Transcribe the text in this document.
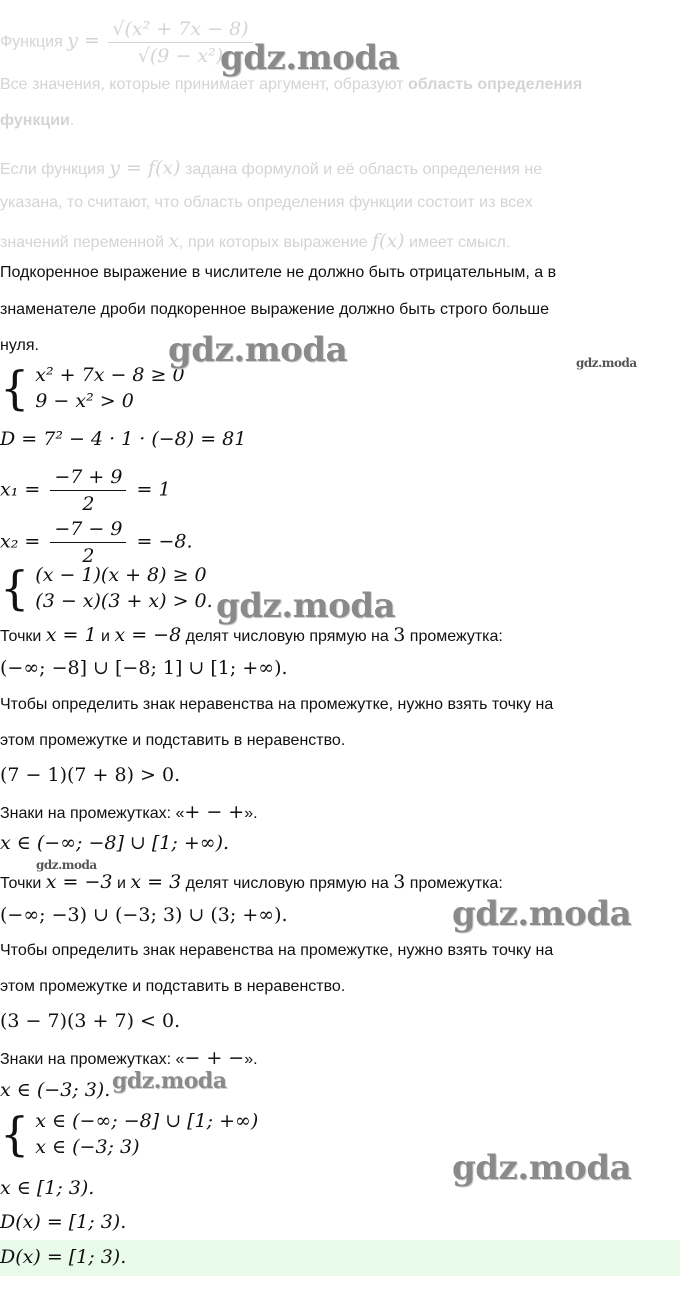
Функция $y = \frac{\text{√(x² + 7x − 8)}}{\text{√(9 − x²)}}$
Все значения, которые принимает аргумент, образуют область определения
функции.
Если функция y = f(x) задана формулой и её область определения не
указана, то считают, что область определения функции состоит из всех
значений переменной x, при которых выражение f(x) имеет смысл.
Подкоренное выражение в числителе не должно быть отрицательным, а в
знаменателе дроби подкоренное выражение должно быть строго больше
нуля.
{ x² + 7x − 8 ≥ 0
9 − x² > 0
D = 7² − 4 · 1 · (−8) = 81
$x_1 = \frac{-7 + 9}{2} = 1$
$x_2 = \frac{-7 - 9}{2} = -8$.
{ (x − 1)(x + 8) ≥ 0
(3 − x)(3 + x) > 0.
Точки x = 1 и x = −8 делят числовую прямую на 3 промежутка:
(−∞; −8] ∪ [−8; 1] ∪ [1; +∞).
Чтобы определить знак неравенства на промежутке, нужно взять точку на
этом промежутке и подставить в неравенство.
(7 − 1)(7 + 8) > 0.
Знаки на промежутках: «+ − +».
x ∈ (−∞; −8] ∪ [1; +∞).
Точки x = −3 и x = 3 делят числовую прямую на 3 промежутка:
(−∞; −3) ∪ (−3; 3) ∪ (3; +∞).
Чтобы определить знак неравенства на промежутке, нужно взять точку на
этом промежутке и подставить в неравенство.
(3 − 7)(3 + 7) < 0.
Знаки на промежутках: «− + −».
x ∈ (−3; 3).
{ x ∈ (−∞; −8] ∪ [1; +∞)
x ∈ (−3; 3)
x ∈ [1; 3).
D(x) = [1; 3).
D(x) = [1; 3).
gdz.moda
gdz.moda	gdz.moda
gdz.moda
gdz.moda
gdz.moda
gdz.moda
gdz.moda
